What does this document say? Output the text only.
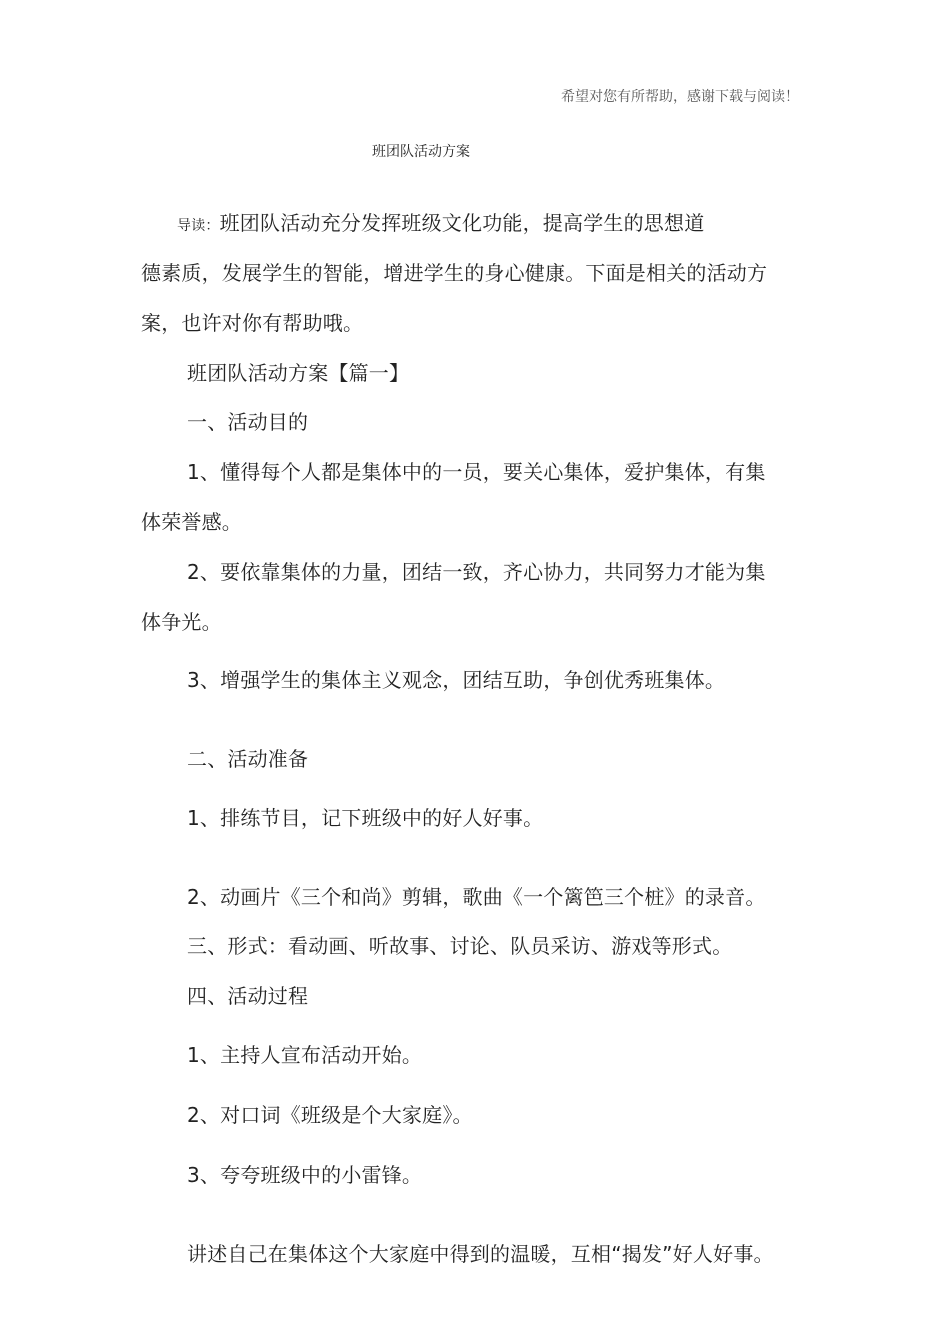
希望对您有所帮助，感谢下载与阅读！
班团队活动方案
导读：班团队活动充分发挥班级文化功能，提高学生的思想道
德素质，发展学生的智能，增进学生的身心健康。下面是相关的活动方
案，也许对你有帮助哦。
班团队活动方案【篇一】
一、活动目的
1、懂得每个人都是集体中的一员，要关心集体，爱护集体，有集
体荣誉感。
2、要依靠集体的力量，团结一致，齐心协力，共同努力才能为集
体争光。
3、增强学生的集体主义观念，团结互助，争创优秀班集体。
二、活动准备
1、排练节目，记下班级中的好人好事。
2、动画片《三个和尚》剪辑，歌曲《一个篱笆三个桩》的录音。
三、形式：看动画、听故事、讨论、队员采访、游戏等形式。
四、活动过程
1、主持人宣布活动开始。
2、对口词《班级是个大家庭》。
3、夸夸班级中的小雷锋。
讲述自己在集体这个大家庭中得到的温暖，互相“揭发”好人好事。
